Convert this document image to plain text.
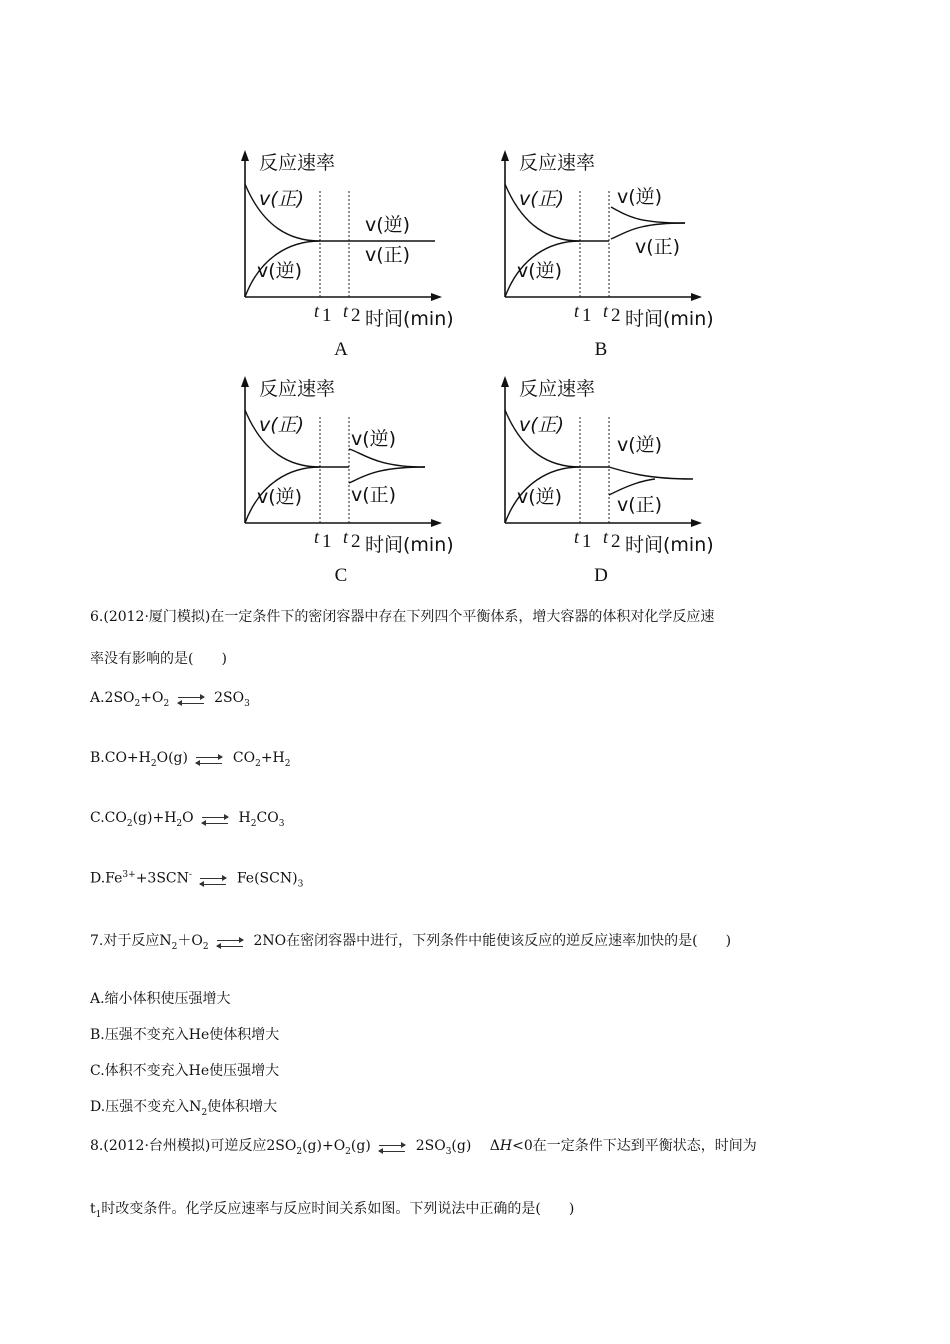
反应速率
t 1 t 2 时间(min)
v(正)
v(逆)
v(逆)
v(正)
A
反应速率
t 1 t 2 时间(min)
v(正)
v(逆)
v(逆)
v(正)
B
反应速率
t 1 t 2 时间(min)
v(正)
v(逆)
v(逆)
v(正)
C
反应速率
t 1 t 2 时间(min)
v(正)
v(逆)
v(逆)
v(正)
D
6.(2012·厦门模拟)在一定条件下的密闭容器中存在下列四个平衡体系，增大容器的体积对化学反应速
率没有影响的是(　　)
$A.2SO_2+O_2$ ⇌ $2SO_3$
$B.CO+H_2O(g)$ ⇌ $CO_2+H_2$
$C.CO_2(g)+H_2O$ ⇌ $H_2CO_3$
$D.Fe^{3+}+3SCN^-$ ⇌ $Fe(SCN)_3$
7.对于反应$N_2+O_2$ ⇌ 2NO在密闭容器中进行，下列条件中能使该反应的逆反应速率加快的是(　　)
A.缩小体积使压强增大
B.压强不变充入He使体积增大
C.体积不变充入He使压强增大
D.压强不变充入$N_2$使体积增大
8.(2012·台州模拟)可逆反应$2SO_2(g)+O_2(g)$ ⇌ $2SO_3(g)$　 ΔH<0在一定条件下达到平衡状态，时间为
$t_1$时改变条件。化学反应速率与反应时间关系如图。下列说法中正确的是(　　)
